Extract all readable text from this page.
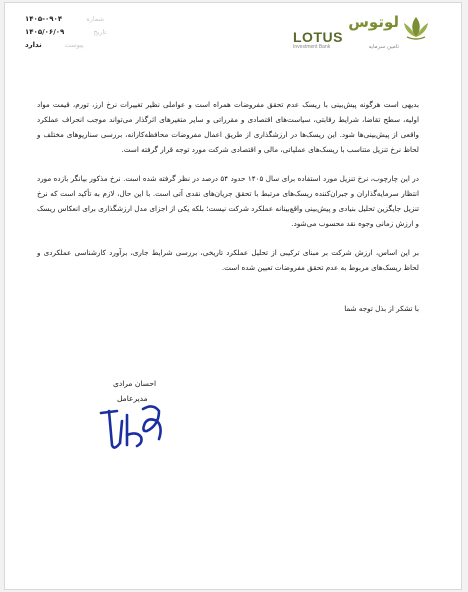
شماره
۱۴۰۵-۰۹۰۴
تاریخ
۱۴۰۵/۰۶/۰۹
پیوست
ندارد
لوتوس
LOTUS
Investment Bank	تامین سرمایه

بدیهی است هرگونه پیش‌بینی با ریسک عدم تحقق مفروضات همراه است و عواملی نظیر تغییرات نرخ ارز، تورم، قیمت مواد اولیه، سطح تقاضا، شرایط رقابتی، سیاست‌های اقتصادی و مقرراتی و سایر متغیرهای اثرگذار می‌تواند موجب انحراف عملکرد واقعی از پیش‌بینی‌ها شود. این ریسک‌ها در ارزشگذاری از طریق اعمال مفروضات محافظه‌کارانه، بررسی سناریوهای مختلف و لحاظ نرخ تنزیل متناسب با ریسک‌های عملیاتی، مالی و اقتصادی شرکت مورد توجه قرار گرفته است.

در این چارچوب، نرخ تنزیل مورد استفاده برای سال ۱۴۰۵ حدود ۵۴ درصد در نظر گرفته شده است. نرخ مذکور بیانگر بازده مورد انتظار سرمایه‌گذاران و جبران‌کننده ریسک‌های مرتبط با تحقق جریان‌های نقدی آتی است. با این حال، لازم به تأکید است که نرخ تنزیل جایگزین تحلیل بنیادی و پیش‌بینی واقع‌بینانه عملکرد شرکت نیست؛ بلکه یکی از اجزای مدل ارزشگذاری برای انعکاس ریسک و ارزش زمانی وجوه نقد محسوب می‌شود.

بر این اساس، ارزش شرکت بر مبنای ترکیبی از تحلیل عملکرد تاریخی، بررسی شرایط جاری، برآورد کارشناسی عملکردی و لحاظ ریسک‌های مربوط به عدم تحقق مفروضات تعیین شده است.

با تشکر از بذل توجه شما
احسان مرادی
مدیرعامل
